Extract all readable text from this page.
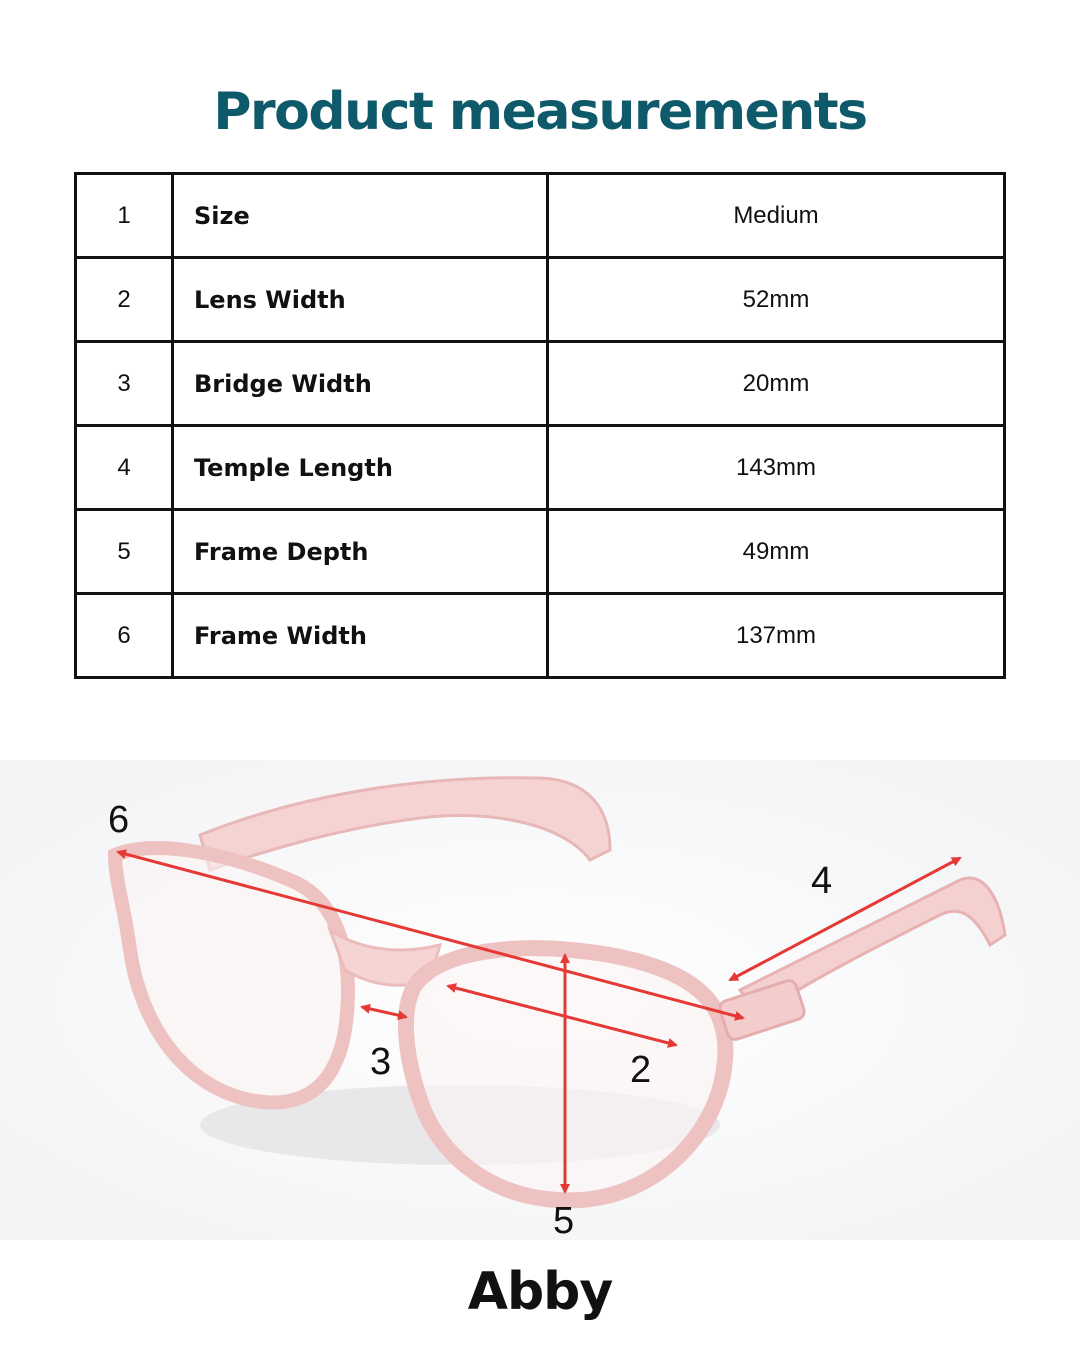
Product measurements
1	Size	Medium
2	Lens Width	52mm
3	Bridge Width	20mm
4	Temple Length	143mm
5	Frame Depth	49mm
6	Frame Width	137mm
6
4
3	2
5
Abby
